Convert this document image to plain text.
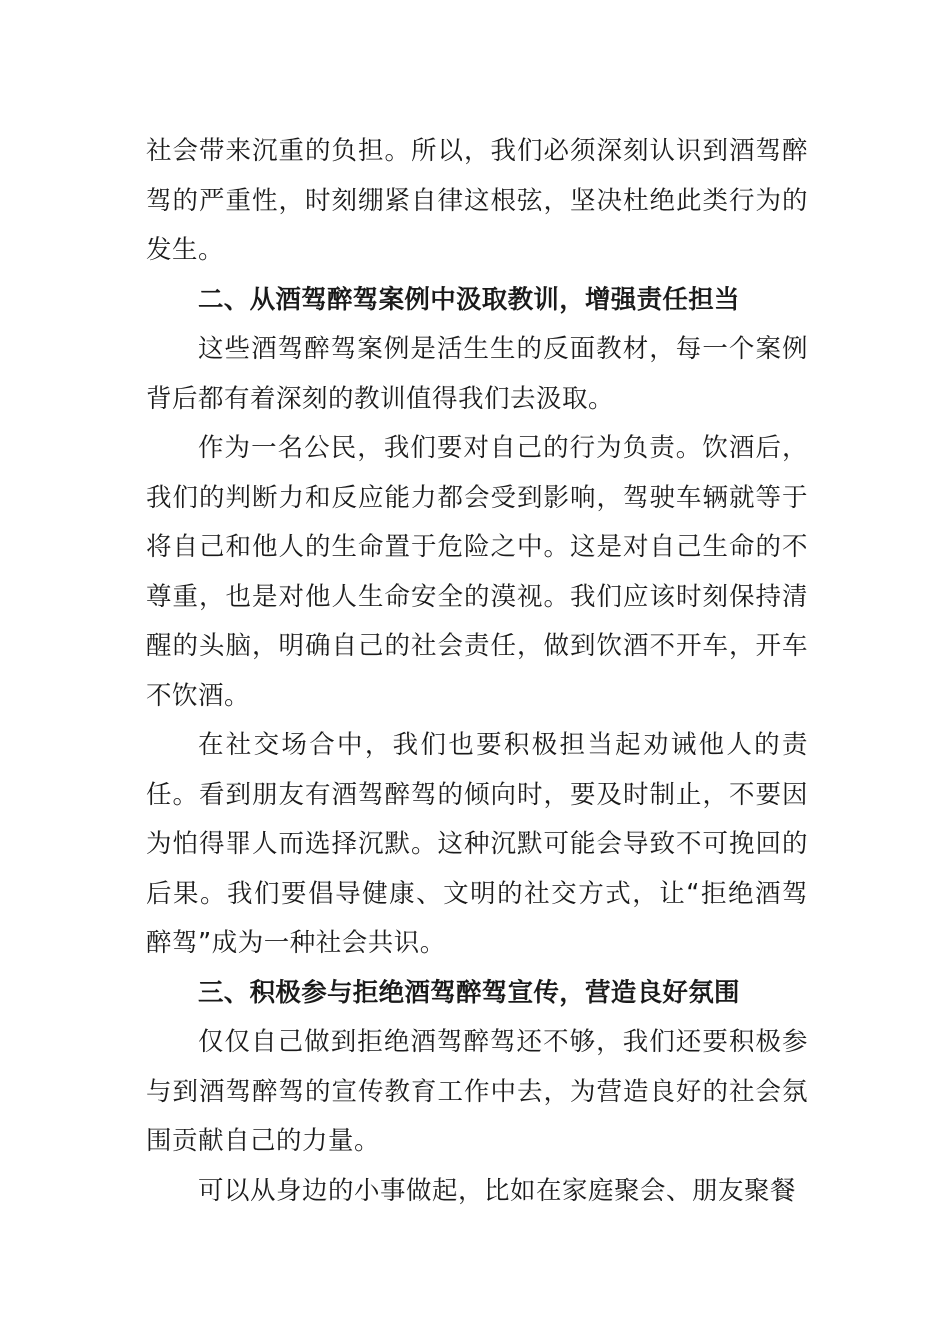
社会带来沉重的负担。所以，我们必须深刻认识到酒驾醉驾的严重性，时刻绷紧自律这根弦，坚决杜绝此类行为的发生。

二、从酒驾醉驾案例中汲取教训，增强责任担当

这些酒驾醉驾案例是活生生的反面教材，每一个案例背后都有着深刻的教训值得我们去汲取。

作为一名公民，我们要对自己的行为负责。饮酒后，我们的判断力和反应能力都会受到影响，驾驶车辆就等于将自己和他人的生命置于危险之中。这是对自己生命的不尊重，也是对他人生命安全的漠视。我们应该时刻保持清醒的头脑，明确自己的社会责任，做到饮酒不开车，开车不饮酒。

在社交场合中，我们也要积极担当起劝诫他人的责任。看到朋友有酒驾醉驾的倾向时，要及时制止，不要因为怕得罪人而选择沉默。这种沉默可能会导致不可挽回的后果。我们要倡导健康、文明的社交方式，让“拒绝酒驾醉驾”成为一种社会共识。

三、积极参与拒绝酒驾醉驾宣传，营造良好氛围

仅仅自己做到拒绝酒驾醉驾还不够，我们还要积极参与到酒驾醉驾的宣传教育工作中去，为营造良好的社会氛围贡献自己的力量。

可以从身边的小事做起，比如在家庭聚会、朋友聚餐
